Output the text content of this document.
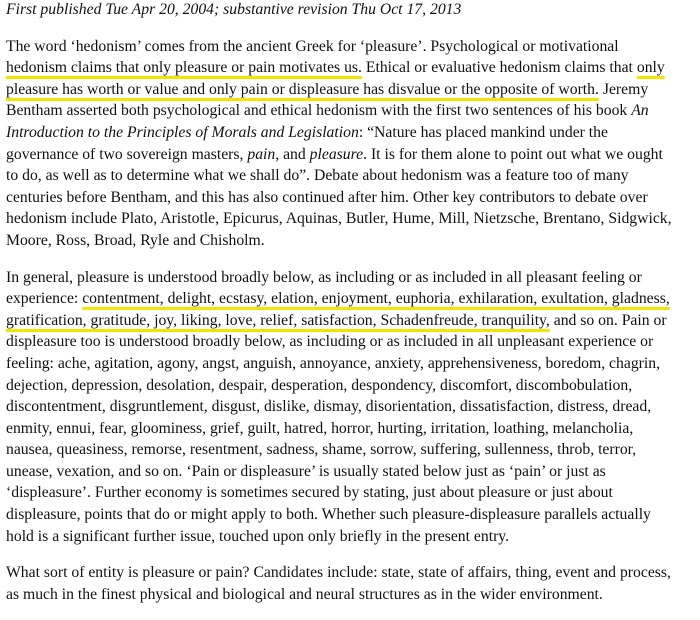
First published Tue Apr 20, 2004; substantive revision Thu Oct 17, 2013

The word ‘hedonism’ comes from the ancient Greek for ‘pleasure’. Psychological or motivational hedonism claims that only pleasure or pain motivates us. Ethical or evaluative hedonism claims that only pleasure has worth or value and only pain or displeasure has disvalue or the opposite of worth. Jeremy Bentham asserted both psychological and ethical hedonism with the first two sentences of his book An Introduction to the Principles of Morals and Legislation: “Nature has placed mankind under the governance of two sovereign masters, pain, and pleasure. It is for them alone to point out what we ought to do, as well as to determine what we shall do”. Debate about hedonism was a feature too of many centuries before Bentham, and this has also continued after him. Other key contributors to debate over hedonism include Plato, Aristotle, Epicurus, Aquinas, Butler, Hume, Mill, Nietzsche, Brentano, Sidgwick, Moore, Ross, Broad, Ryle and Chisholm.

In general, pleasure is understood broadly below, as including or as included in all pleasant feeling or experience: contentment, delight, ecstasy, elation, enjoyment, euphoria, exhilaration, exultation, gladness, gratification, gratitude, joy, liking, love, relief, satisfaction, Schadenfreude, tranquility, and so on. Pain or displeasure too is understood broadly below, as including or as included in all unpleasant experience or feeling: ache, agitation, agony, angst, anguish, annoyance, anxiety, apprehensiveness, boredom, chagrin, dejection, depression, desolation, despair, desperation, despondency, discomfort, discombobulation, discontentment, disgruntlement, disgust, dislike, dismay, disorientation, dissatisfaction, distress, dread, enmity, ennui, fear, gloominess, grief, guilt, hatred, horror, hurting, irritation, loathing, melancholia, nausea, queasiness, remorse, resentment, sadness, shame, sorrow, suffering, sullenness, throb, terror, unease, vexation, and so on. ‘Pain or displeasure’ is usually stated below just as ‘pain’ or just as ‘displeasure’. Further economy is sometimes secured by stating, just about pleasure or just about displeasure, points that do or might apply to both. Whether such pleasure-displeasure parallels actually hold is a significant further issue, touched upon only briefly in the present entry.

What sort of entity is pleasure or pain? Candidates include: state, state of affairs, thing, event and process, as much in the finest physical and biological and neural structures as in the wider environment.
